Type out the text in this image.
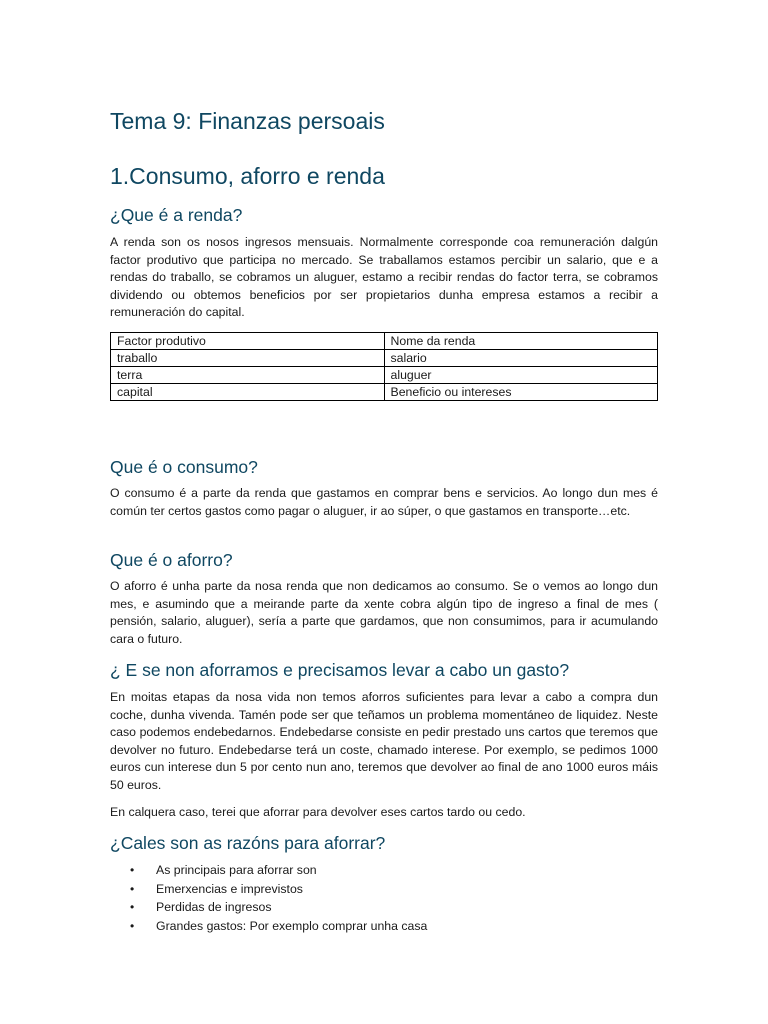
Tema 9: Finanzas persoais
1.Consumo, aforro e renda
¿Que é a renda?

A renda son os nosos ingresos mensuais. Normalmente corresponde coa remuneración dalgún factor produtivo que participa no mercado. Se traballamos estamos percibir un salario, que e a rendas do traballo, se cobramos un aluguer, estamo a recibir rendas do factor terra, se cobramos dividendo ou obtemos beneficios por ser propietarios dunha empresa estamos a recibir a remuneración do capital.

Factor produtivo	Nome da renda
traballo	salario
terra	aluguer
capital	Beneficio ou intereses
Que é o consumo?

O consumo é a parte da renda que gastamos en comprar bens e servicios. Ao longo dun mes é común ter certos gastos como pagar o aluguer, ir ao súper, o que gastamos en transporte…etc.

Que é o aforro?

O aforro é unha parte da nosa renda que non dedicamos ao consumo. Se o vemos ao longo dun mes, e asumindo que a meirande parte da xente cobra algún tipo de ingreso a final de mes ( pensión, salario, aluguer), sería a parte que gardamos, que non consumimos, para ir acumulando cara o futuro.

¿ E se non aforramos e precisamos levar a cabo un gasto?

En moitas etapas da nosa vida non temos aforros suficientes para levar a cabo a compra dun coche, dunha vivenda. Tamén pode ser que teñamos un problema momentáneo de liquidez. Neste caso podemos endebedarnos. Endebedarse consiste en pedir prestado uns cartos que teremos que devolver no futuro. Endebedarse terá un coste, chamado interese. Por exemplo, se pedimos 1000 euros cun interese dun 5 por cento nun ano, teremos que devolver ao final de ano 1000 euros máis 50 euros.

En calquera caso, terei que aforrar para devolver eses cartos tardo ou cedo.

¿Cales son as razóns para aforrar?
• As principais para aforrar son
• Emerxencias e imprevistos
• Perdidas de ingresos
• Grandes gastos: Por exemplo comprar unha casa
